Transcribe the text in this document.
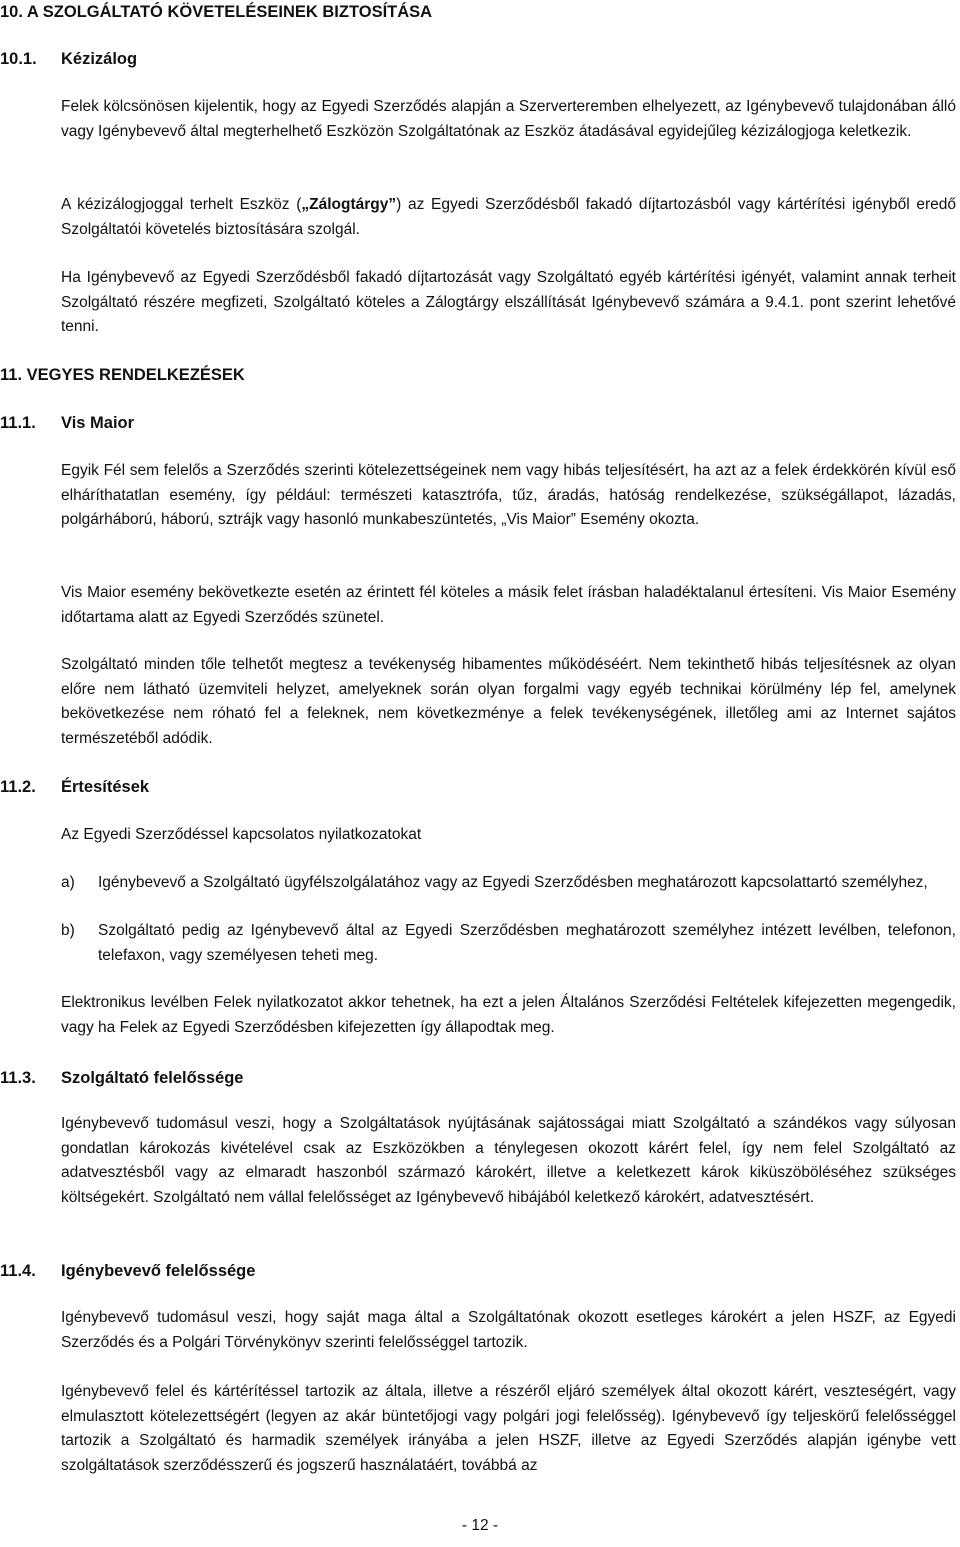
10. A SZOLGÁLTATÓ KÖVETELÉSEINEK BIZTOSÍTÁSA
10.1. Kézizálog

Felek kölcsönösen kijelentik, hogy az Egyedi Szerződés alapján a Szerverteremben elhelyezett, az Igénybevevő tulajdonában álló vagy Igénybevevő által megterhelhető Eszközön Szolgáltatónak az Eszköz átadásával egyidejűleg kézizálogjoga keletkezik.

A kézizálogjoggal terhelt Eszköz („Zálogtárgy”) az Egyedi Szerződésből fakadó díjtartozásból vagy kártérítési igényből eredő Szolgáltatói követelés biztosítására szolgál.

Ha Igénybevevő az Egyedi Szerződésből fakadó díjtartozását vagy Szolgáltató egyéb kártérítési igényét, valamint annak terheit Szolgáltató részére megfizeti, Szolgáltató köteles a Zálogtárgy elszállítását Igénybevevő számára a 9.4.1. pont szerint lehetővé tenni.

11. VEGYES RENDELKEZÉSEK
11.1. Vis Maior

Egyik Fél sem felelős a Szerződés szerinti kötelezettségeinek nem vagy hibás teljesítésért, ha azt az a felek érdekkörén kívül eső elháríthatatlan esemény, így például: természeti katasztrófa, tűz, áradás, hatóság rendelkezése, szükségállapot, lázadás, polgárháború, háború, sztrájk vagy hasonló munkabeszüntetés, „Vis Maior” Esemény okozta.

Vis Maior esemény bekövetkezte esetén az érintett fél köteles a másik felet írásban haladéktalanul értesíteni. Vis Maior Esemény időtartama alatt az Egyedi Szerződés szünetel.

Szolgáltató minden tőle telhetőt megtesz a tevékenység hibamentes működéséért. Nem tekinthető hibás teljesítésnek az olyan előre nem látható üzemviteli helyzet, amelyeknek során olyan forgalmi vagy egyéb technikai körülmény lép fel, amelynek bekövetkezése nem róható fel a feleknek, nem következménye a felek tevékenységének, illetőleg ami az Internet sajátos természetéből adódik.

11.2. Értesítések

Az Egyedi Szerződéssel kapcsolatos nyilatkozatokat

a) Igénybevevő a Szolgáltató ügyfélszolgálatához vagy az Egyedi Szerződésben meghatározott kapcsolattartó személyhez,
b) Szolgáltató pedig az Igénybevevő által az Egyedi Szerződésben meghatározott személyhez intézett levélben, telefonon, telefaxon, vagy személyesen teheti meg.

Elektronikus levélben Felek nyilatkozatot akkor tehetnek, ha ezt a jelen Általános Szerződési Feltételek kifejezetten megengedik, vagy ha Felek az Egyedi Szerződésben kifejezetten így állapodtak meg.

11.3. Szolgáltató felelőssége

Igénybevevő tudomásul veszi, hogy a Szolgáltatások nyújtásának sajátosságai miatt Szolgáltató a szándékos vagy súlyosan gondatlan károkozás kivételével csak az Eszközökben a ténylegesen okozott kárért felel, így nem felel Szolgáltató az adatvesztésből vagy az elmaradt haszonból származó károkért, illetve a keletkezett károk kiküszöböléséhez szükséges költségekért. Szolgáltató nem vállal felelősséget az Igénybevevő hibájából keletkező károkért, adatvesztésért.

11.4. Igénybevevő felelőssége

Igénybevevő tudomásul veszi, hogy saját maga által a Szolgáltatónak okozott esetleges károkért a jelen HSZF, az Egyedi Szerződés és a Polgári Törvénykönyv szerinti felelősséggel tartozik.

Igénybevevő felel és kártérítéssel tartozik az általa, illetve a részéről eljáró személyek által okozott kárért, veszteségért, vagy elmulasztott kötelezettségért (legyen az akár büntetőjogi vagy polgári jogi felelősség). Igénybevevő így teljeskörű felelősséggel tartozik a Szolgáltató és harmadik személyek irányába a jelen HSZF, illetve az Egyedi Szerződés alapján igénybe vett szolgáltatások szerződésszerű és jogszerű használatáért, továbbá az

- 12 -
